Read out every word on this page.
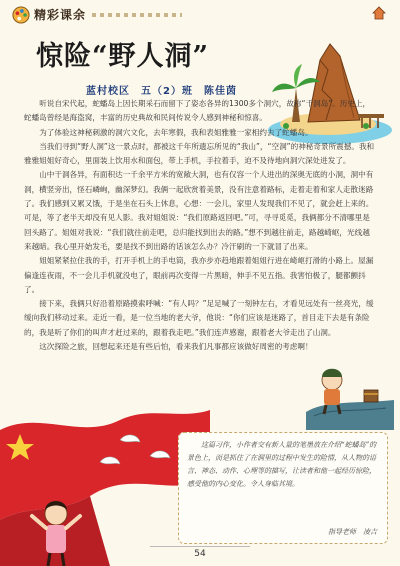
精彩课余
惊险“野人洞”
蓝村校区　五（2）班　陈佳茵

听说自宋代起，蛇蟠岛上因长期采石而留下了姿态各异的1300多个洞穴，故称“千洞岛”。历史上，蛇蟠岛曾经是海盗窝，丰富的历史典故和民间传说令人感到神秘和惊喜。

为了体验这神秘刺激的洞穴文化，去年寒假，我和表姐雅雅一家相约去了蛇蟠岛。

当我们寻到“野人洞”这一景点时，都被这千年所遗忘所见的“我山”，“空洞”的神秘奇景所震撼。我和雅雅姐姐好奇心，里面装上饮用水和面包，带上手机，手拉着手，迫不及待地向洞穴深处进发了。

山中干洞各异，有面积达一千余平方米的宽敞大洞，也有仅容一个人进出的深奥无底的小洞，洞中有洞，横竖旁出，怪石嶙峋，幽深梦幻。我俩一起欣赏着美景，没有注意着路标，走着走着和家人走散迷路了。我们感到又累又饿，于是坐在石头上休息，心想：一会儿，家里人发现我们不见了，就会赶上来的。可是，等了老半天却没有见人影。我对姐姐说：“我们原路返回吧。”可，寻寻觅觅，我俩都分不清哪里是回头路了。姐姐对我说：“我们就往前走吧，总归能找到出去的路。”想不到越往前走，路越崎岖，光线越来越暗。我心里开始发毛，要是找不到出路的话该怎么办？冷汗刷的一下就冒了出来。

姐姐紧紧拉住我的手，打开手机上的手电筒，我亦步亦趋地跟着姐姐行进在崎岖打滑的小路上。屋漏偏逢连夜雨，不一会儿手机就没电了，眼前再次变得一片黑暗，伸手不见五指。我害怕极了，腿都颤抖了。

接下来，我俩只好沿着原路摸索呼喊：“有人吗？”足足喊了一刻钟左右，才看见远处有一丝亮光，缓缓向我们移动过来。走近一看，是一位当地的老大爷，他说：“你们应该是迷路了，首目走下去是有条险的，我是听了你们的叫声才赶过来的，跟着我走吧。”我们连声感谢，跟着老大爷走出了山洞。

这次探险之旅，回想起来还是有些后怕，看来我们凡事都应该做好周密的考虑啊！

这篇习作，小作者交有新人量的笔墨放在介绍“蛇蟠岛”的景色上，而是抓住了在洞里的过程中发生的险情，从人物的语言、神态、动作、心理等的描写，让读者和他一起经历惊险，感受他的内心变化。令人身临其境。
指导老师　凌吉
54
